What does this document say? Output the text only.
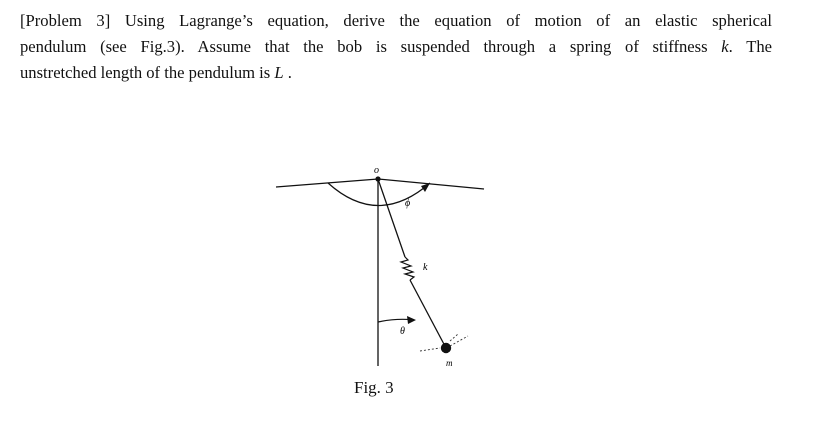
[Problem 3] Using Lagrange’s equation, derive the equation of motion of an elastic spherical
pendulum (see Fig.3). Assume that the bob is suspended through a spring of stiffness k. The
unstretched length of the pendulum is L .

o
ϕ
k
θ
m
Fig. 3
